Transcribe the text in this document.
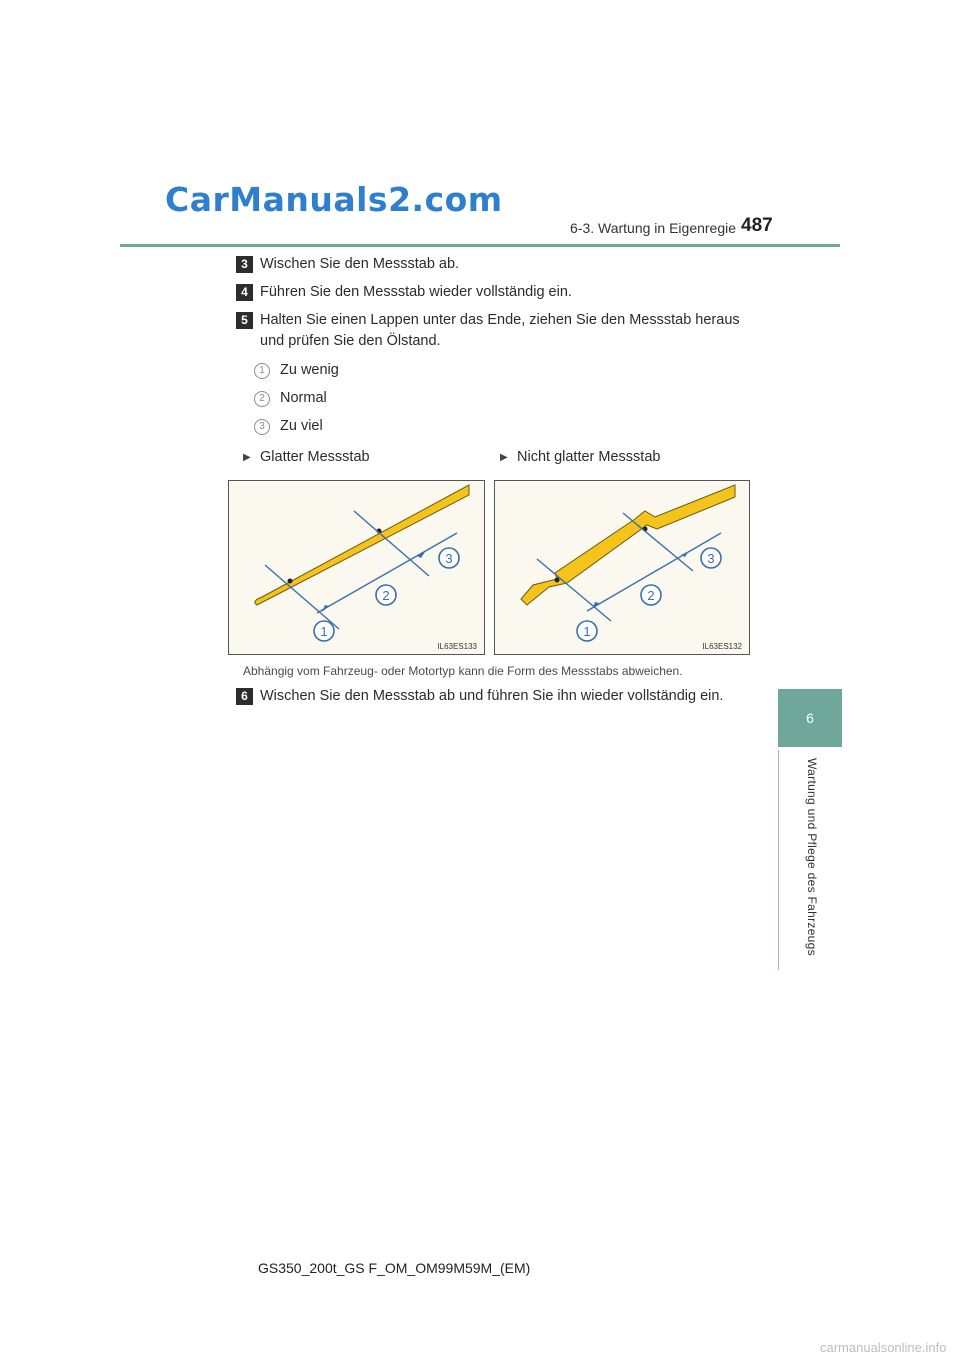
CarManuals2.com
6-3. Wartung in Eigenregie 487
6
Wartung und Pflege des Fahrzeugs
3 Wischen Sie den Messstab ab.
4 Führen Sie den Messstab wieder vollständig ein.
5 Halten Sie einen Lappen unter das Ende, ziehen Sie den Messstab heraus
und prüfen Sie den Ölstand.
1	Zu wenig
2	Normal
3	Zu viel
▶ Glatter Messstab	▶ Nicht glatter Messstab
1
2
3
IL63ES133
1
2
3
IL63ES132
Abhängig vom Fahrzeug- oder Motortyp kann die Form des Messstabs abweichen.
6 Wischen Sie den Messstab ab und führen Sie ihn wieder vollständig ein.
GS350_200t_GS F_OM_OM99M59M_(EM)
carmanualsonline.info
